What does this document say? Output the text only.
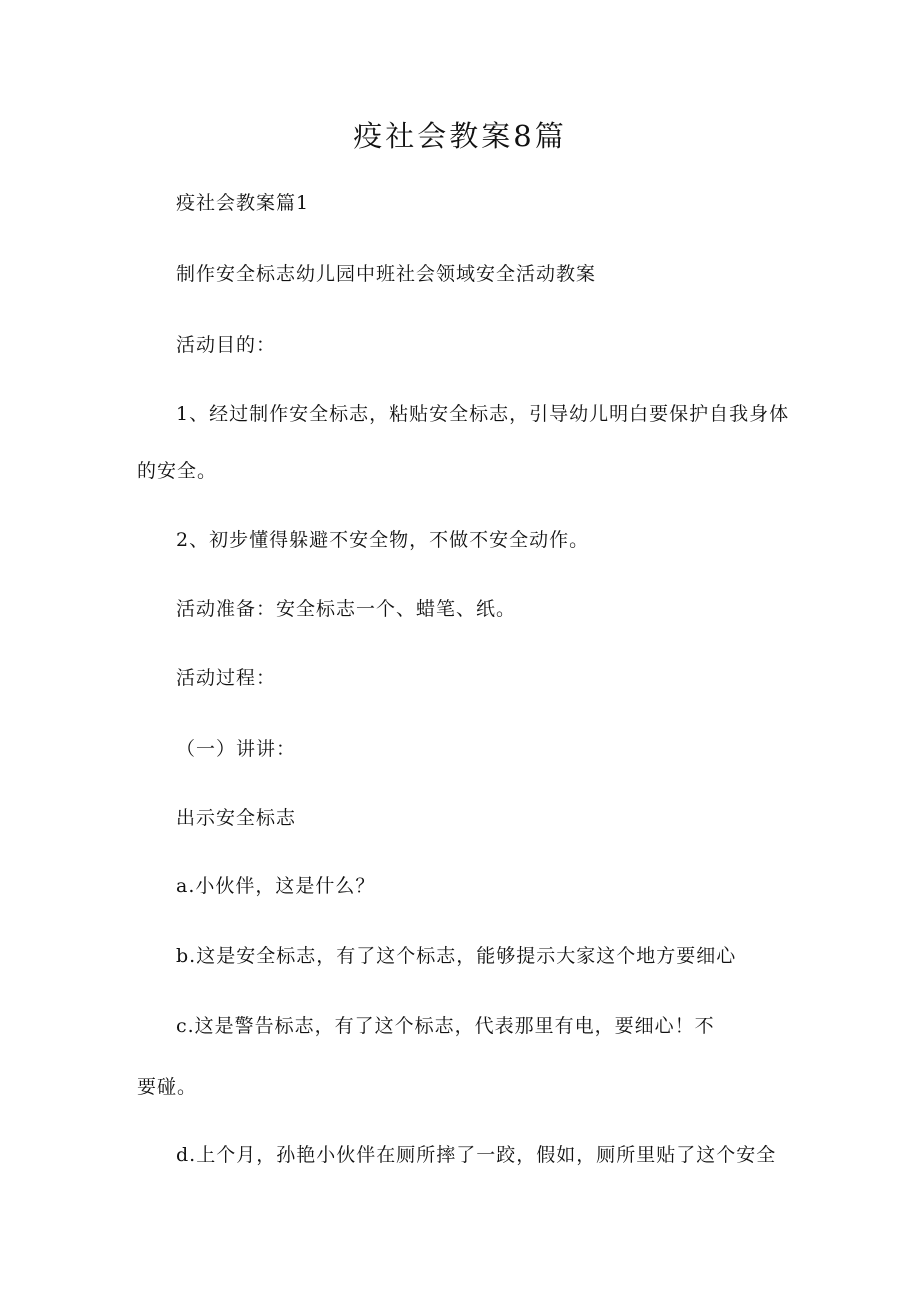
疫社会教案8篇
疫社会教案篇1
制作安全标志幼儿园中班社会领域安全活动教案
活动目的：
1、经过制作安全标志，粘贴安全标志，引导幼儿明白要保护自我身体
的安全。
2、初步懂得躲避不安全物，不做不安全动作。
活动准备：安全标志一个、蜡笔、纸。
活动过程：
（一）讲讲：
出示安全标志
a.小伙伴，这是什么？
b.这是安全标志，有了这个标志，能够提示大家这个地方要细心
c.这是警告标志，有了这个标志，代表那里有电，要细心！不
要碰。
d.上个月，孙艳小伙伴在厕所摔了一跤，假如，厕所里贴了这个安全
